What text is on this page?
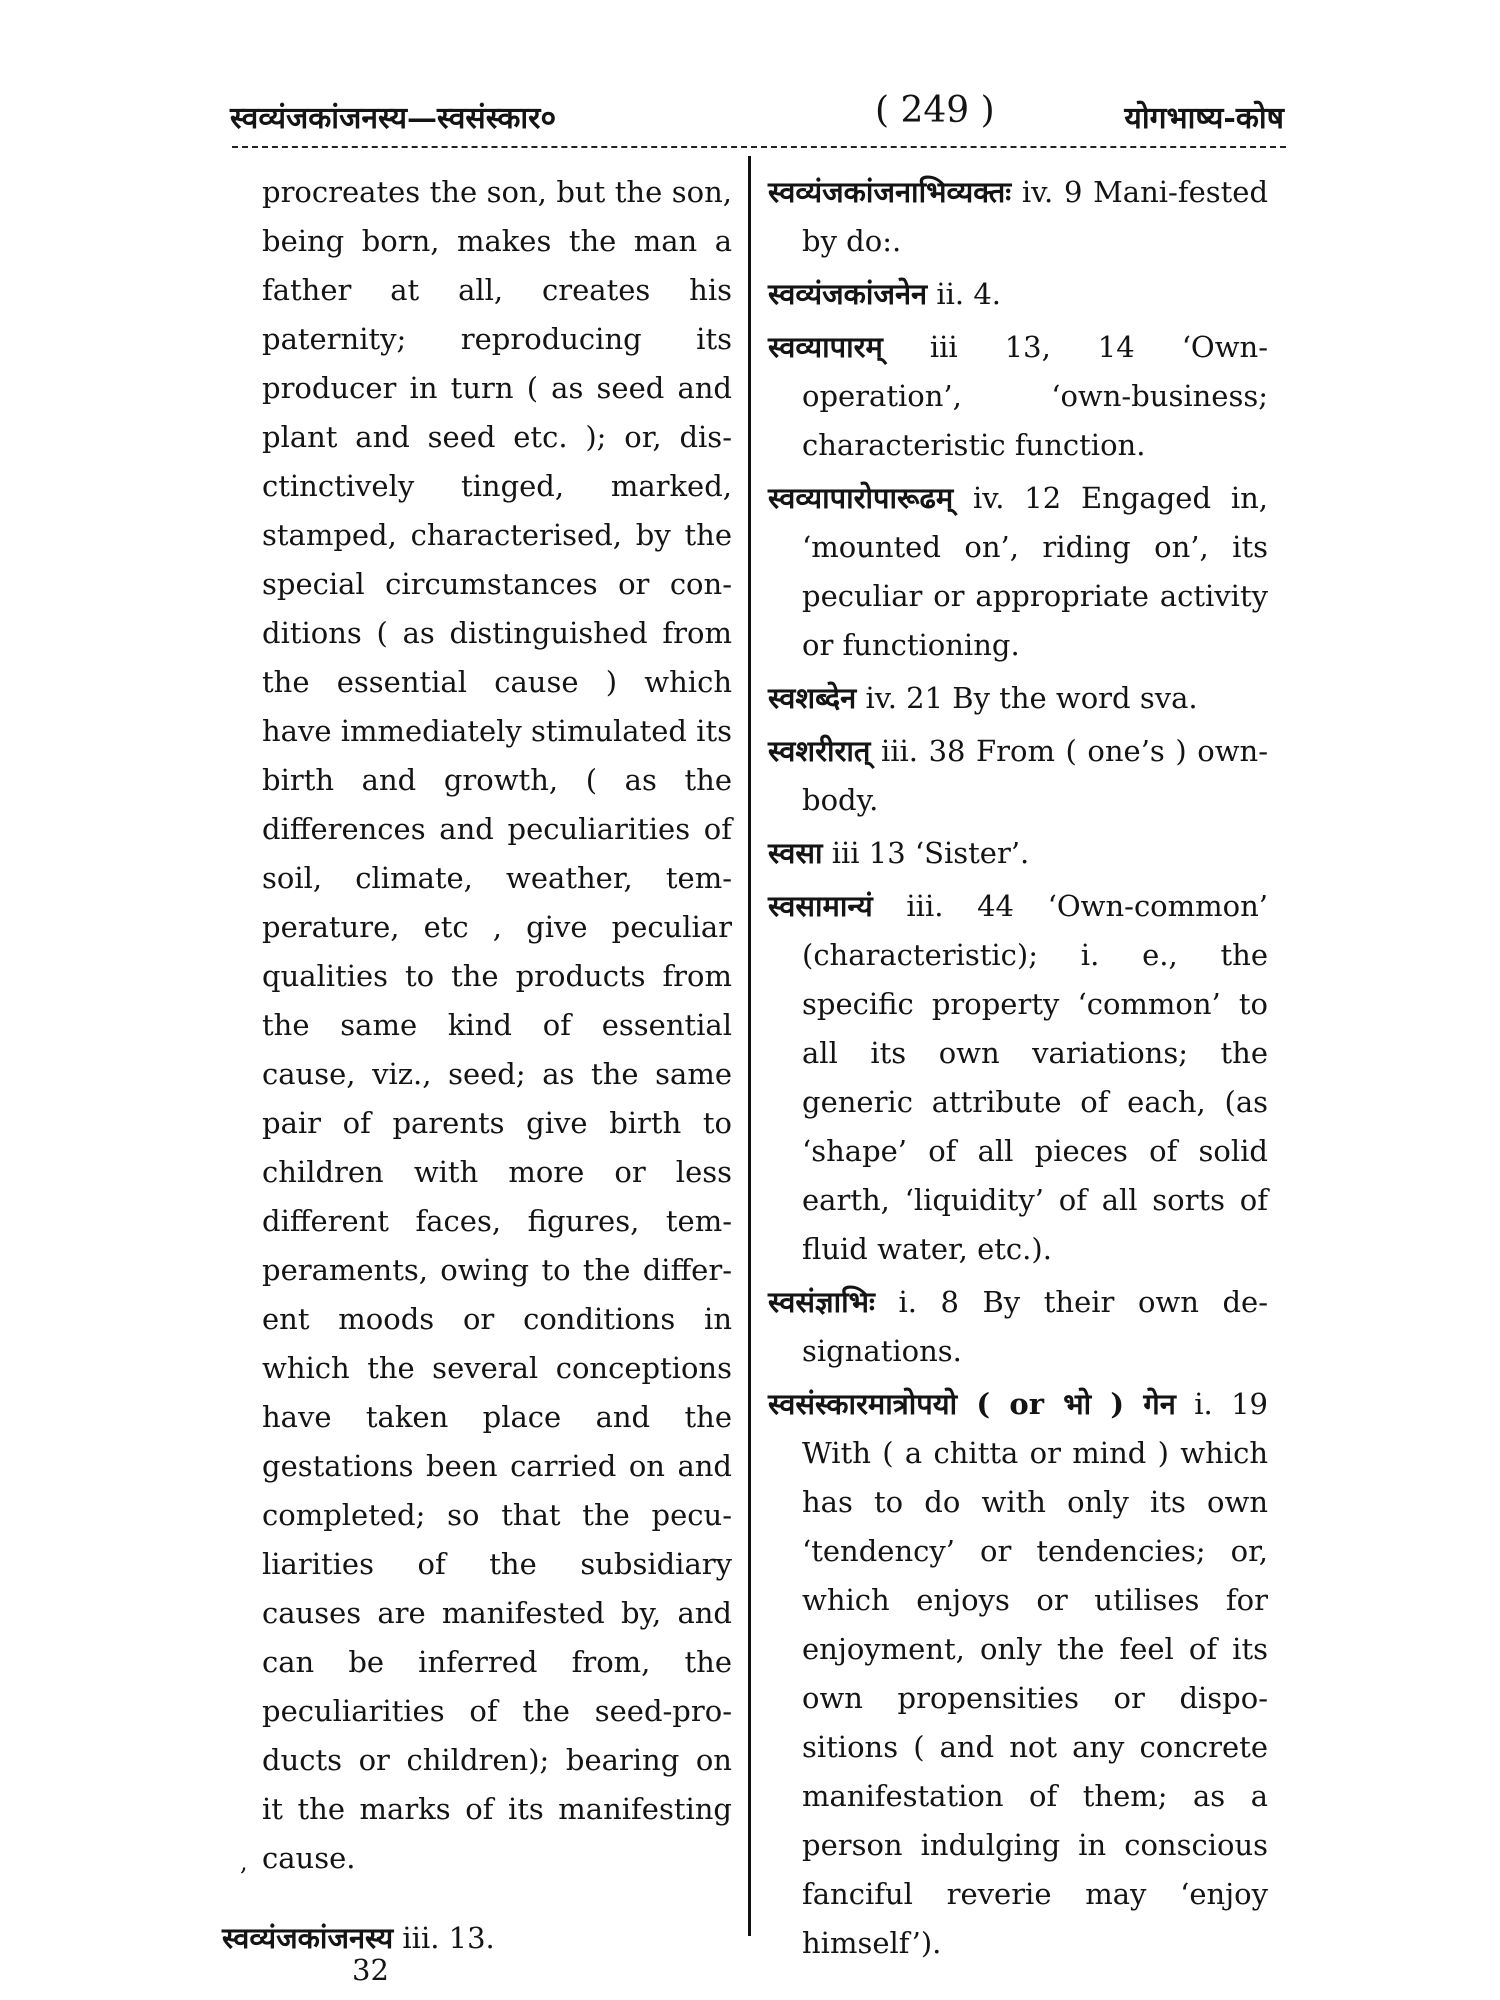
स्वव्यंजकांजनस्य—स्वसंस्कार०	( 249 )	योगभाष्य-कोष

procreates the son, but the son, being born, makes the man a father at all, creates his paternity; reproducing its producer in turn ( as seed and plant and seed etc. ); or, dis-ctinctively tinged, marked, stamped, characterised, by the special circumstances or con-ditions ( as distinguished from the essential cause ) which have immediately stimulated its birth and growth, ( as the differences and peculiarities of soil, climate, weather, tem-perature, etc , give peculiar qualities to the products from the same kind of essential cause, viz., seed; as the same pair of parents give birth to children with more or less different faces, figures, tem-peraments, owing to the differ-ent moods or conditions in which the several conceptions have taken place and the gestations been carried on and completed; so that the pecu-liarities of the subsidiary causes are manifested by, and can be inferred from, the peculiarities of the seed-pro-ducts or children); bearing on it the marks of its manifesting cause.

,
स्वव्यंजकांजनस्य iii. 13.
32

स्वव्यंजकांजनाभिव्यक्तः iv. 9 Mani-fested by do:.

स्वव्यंजकांजनेन ii. 4.

स्वव्यापारम् iii 13, 14 ‘Own-operation’, ‘own-business; characteristic function.

स्वव्यापारोपारूढम् iv. 12 Engaged in, ‘mounted on’, riding on’, its peculiar or appropriate activity or functioning.

स्वशब्देन iv. 21 By the word sva.

स्वशरीरात् iii. 38 From ( one’s ) own-body.

स्वसा iii 13 ‘Sister’.

स्वसामान्यं iii. 44 ‘Own-common’ (characteristic); i. e., the specific property ‘common’ to all its own variations; the generic attribute of each, (as ‘shape’ of all pieces of solid earth, ‘liquidity’ of all sorts of fluid water, etc.).

स्वसंज्ञाभिः i. 8 By their own de-signations.

स्वसंस्कारमात्रोपयो ( or भो ) गेन i. 19 With ( a chitta or mind ) which has to do with only its own ‘tendency’ or tendencies; or, which enjoys or utilises for enjoyment, only the feel of its own propensities or dispo-sitions ( and not any concrete manifestation of them; as a person indulging in conscious fanciful reverie may ‘enjoy himself’).
